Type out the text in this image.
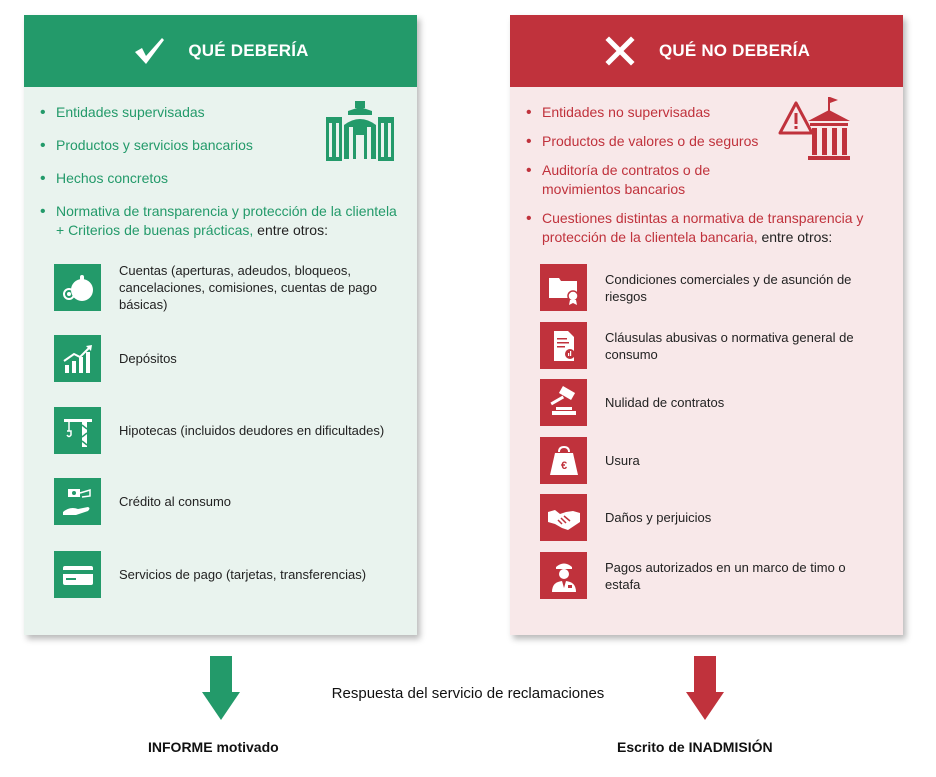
QUÉ DEBERÍA
• Entidades supervisadas
• Productos y servicios bancarios
• Hechos concretos
• Normativa de transparencia y protección de la clientela + Criterios de buenas prácticas, entre otros:
Cuentas (aperturas, adeudos, bloqueos, cancelaciones, comisiones, cuentas de pago básicas)
Depósitos
Hipotecas (incluidos deudores en dificultades)
Crédito al consumo
Servicios de pago (tarjetas, transferencias)
QUÉ NO DEBERÍA
• Entidades no supervisadas
• Productos de valores o de seguros
• Auditoría de contratos o de movimientos bancarios
• Cuestiones distintas a normativa de transparencia y protección de la clientela bancaria, entre otros:
Condiciones comerciales y de asunción de riesgos
Cláusulas abusivas o normativa general de consumo
Nulidad de contratos
€	Usura
Daños y perjuicios
Pagos autorizados en un marco de timo o estafa
Respuesta del servicio de reclamaciones
INFORME motivado	Escrito de INADMISIÓN
